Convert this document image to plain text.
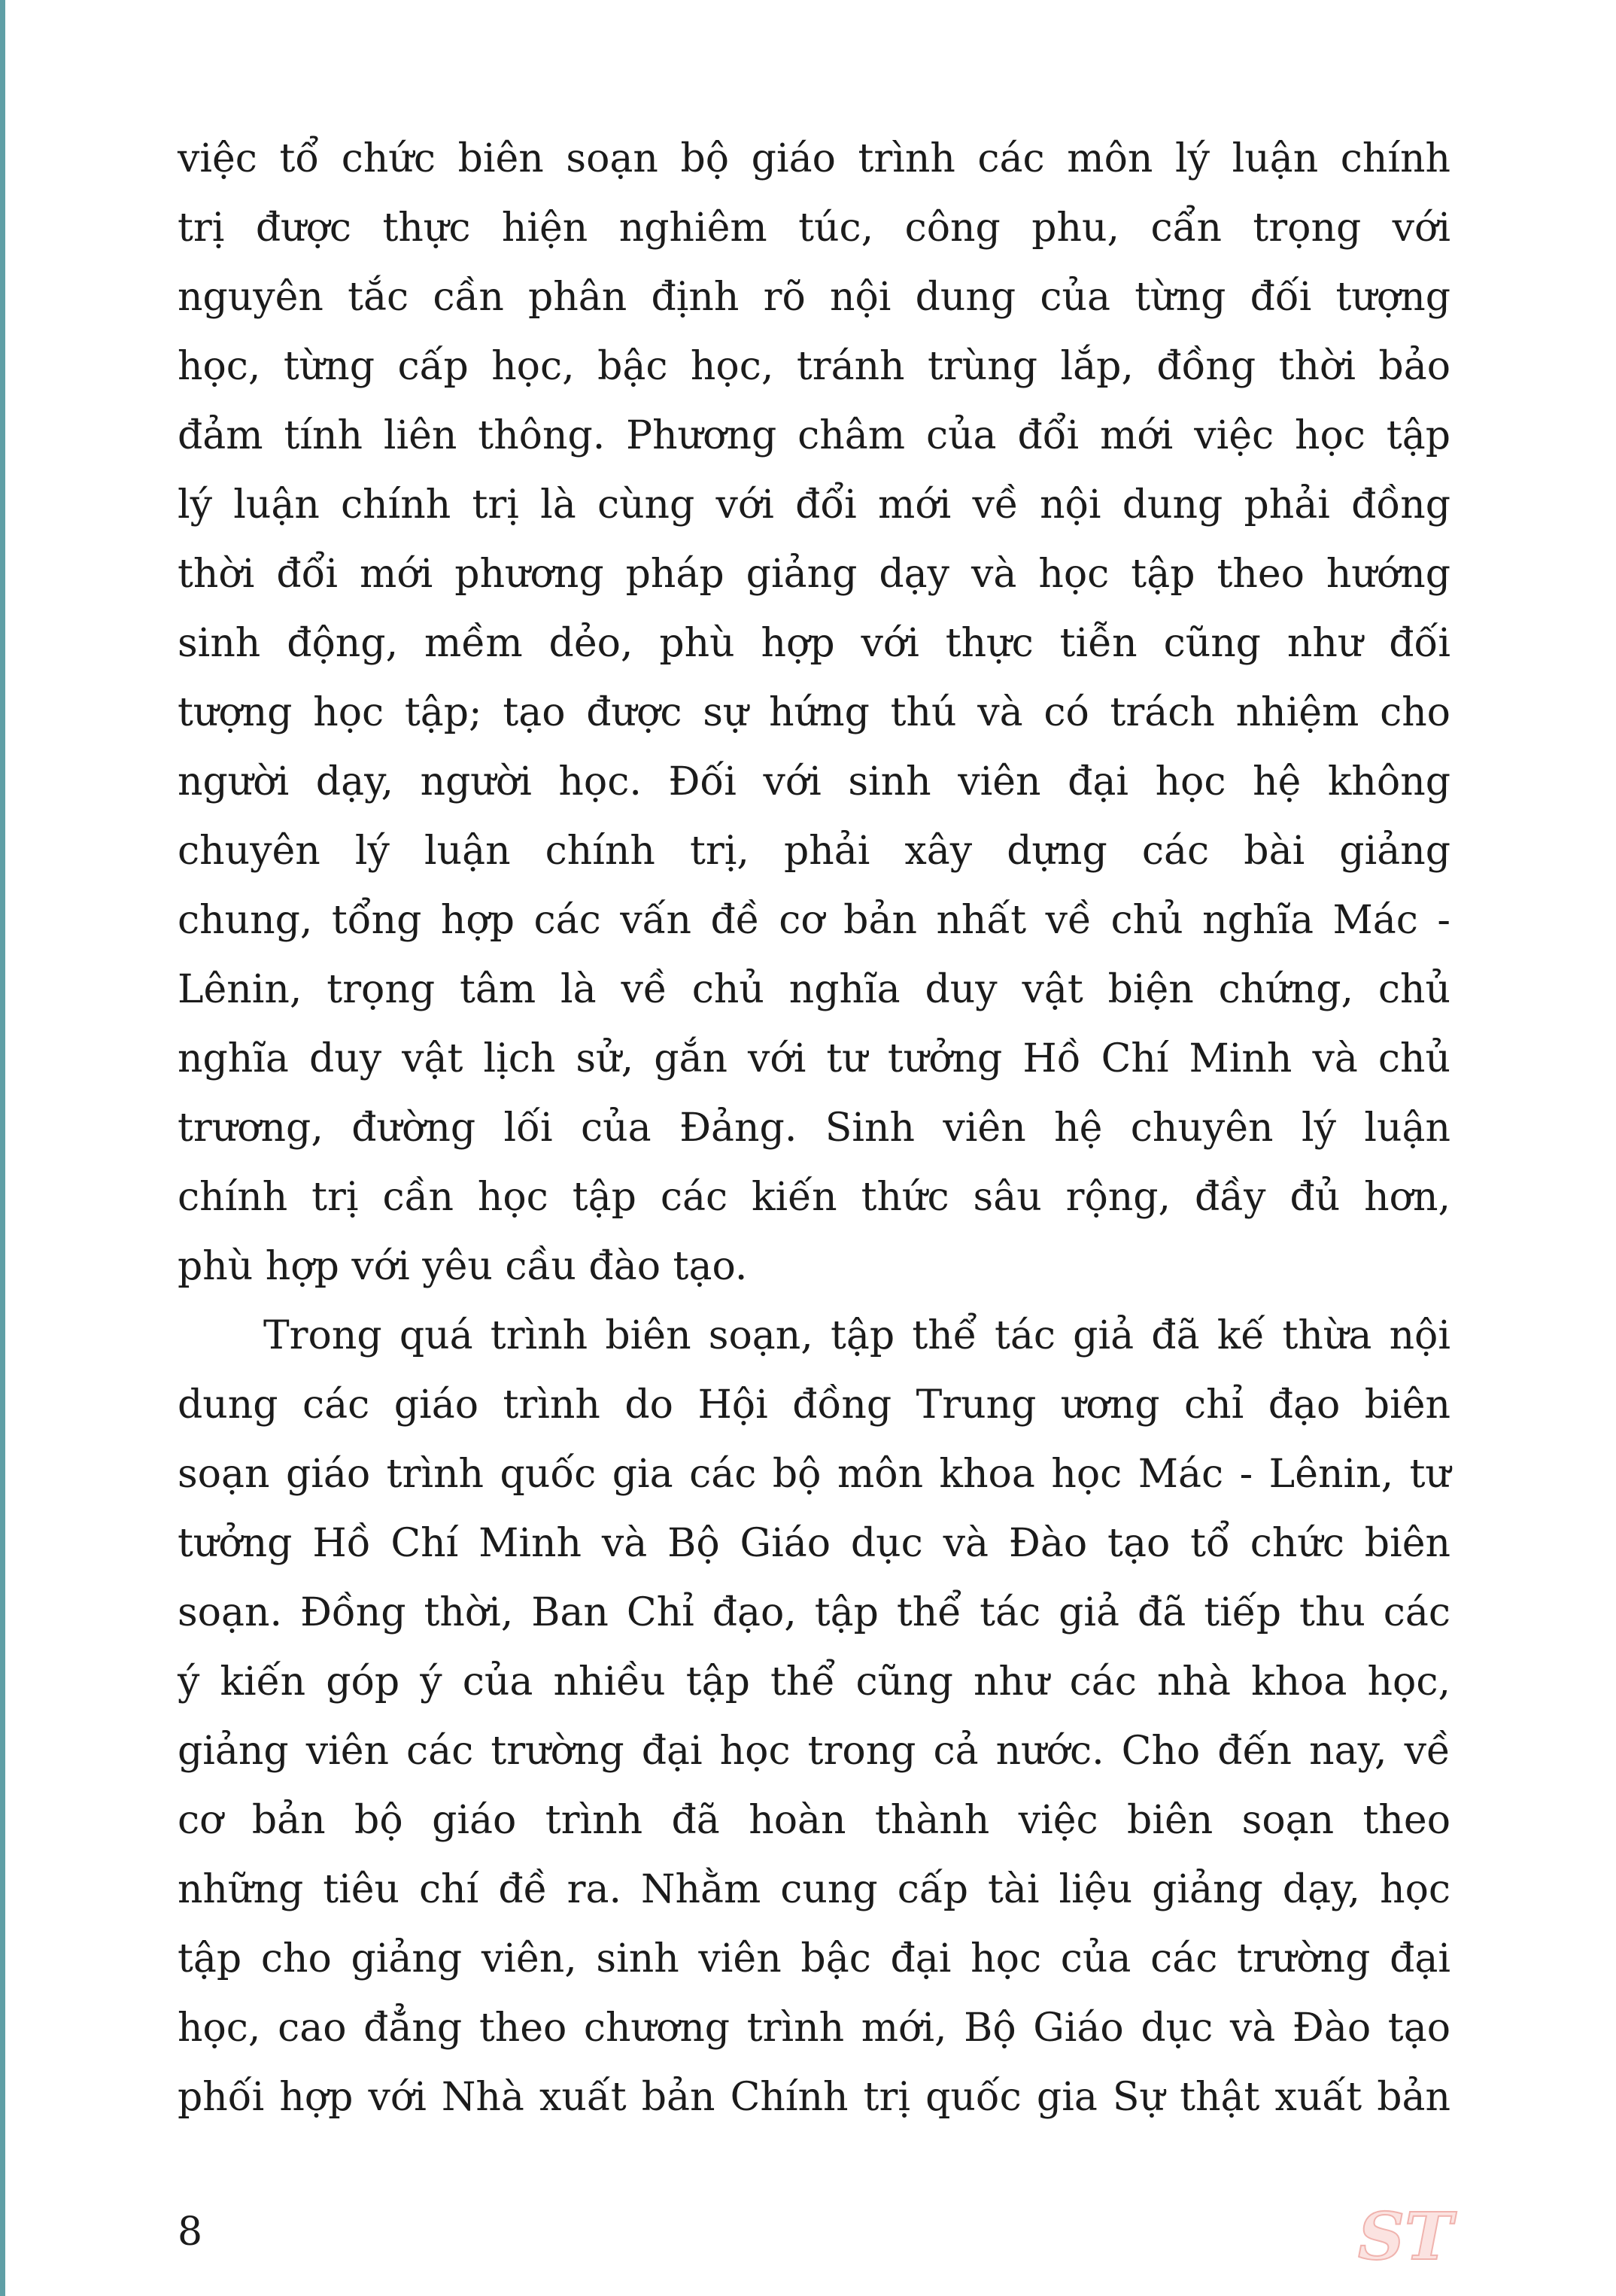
việc tổ chức biên soạn bộ giáo trình các môn lý luận chính
trị được thực hiện nghiêm túc, công phu, cẩn trọng với
nguyên tắc cần phân định rõ nội dung của từng đối tượng
học, từng cấp học, bậc học, tránh trùng lắp, đồng thời bảo
đảm tính liên thông. Phương châm của đổi mới việc học tập
lý luận chính trị là cùng với đổi mới về nội dung phải đồng
thời đổi mới phương pháp giảng dạy và học tập theo hướng
sinh động, mềm dẻo, phù hợp với thực tiễn cũng như đối
tượng học tập; tạo được sự hứng thú và có trách nhiệm cho
người dạy, người học. Đối với sinh viên đại học hệ không
chuyên lý luận chính trị, phải xây dựng các bài giảng
chung, tổng hợp các vấn đề cơ bản nhất về chủ nghĩa Mác -
Lênin, trọng tâm là về chủ nghĩa duy vật biện chứng, chủ
nghĩa duy vật lịch sử, gắn với tư tưởng Hồ Chí Minh và chủ
trương, đường lối của Đảng. Sinh viên hệ chuyên lý luận
chính trị cần học tập các kiến thức sâu rộng, đầy đủ hơn,
phù hợp với yêu cầu đào tạo.
Trong quá trình biên soạn, tập thể tác giả đã kế thừa nội
dung các giáo trình do Hội đồng Trung ương chỉ đạo biên
soạn giáo trình quốc gia các bộ môn khoa học Mác - Lênin, tư
tưởng Hồ Chí Minh và Bộ Giáo dục và Đào tạo tổ chức biên
soạn. Đồng thời, Ban Chỉ đạo, tập thể tác giả đã tiếp thu các
ý kiến góp ý của nhiều tập thể cũng như các nhà khoa học,
giảng viên các trường đại học trong cả nước. Cho đến nay, về
cơ bản bộ giáo trình đã hoàn thành việc biên soạn theo
những tiêu chí đề ra. Nhằm cung cấp tài liệu giảng dạy, học
tập cho giảng viên, sinh viên bậc đại học của các trường đại
học, cao đẳng theo chương trình mới, Bộ Giáo dục và Đào tạo
phối hợp với Nhà xuất bản Chính trị quốc gia Sự thật xuất bản
8	ST
